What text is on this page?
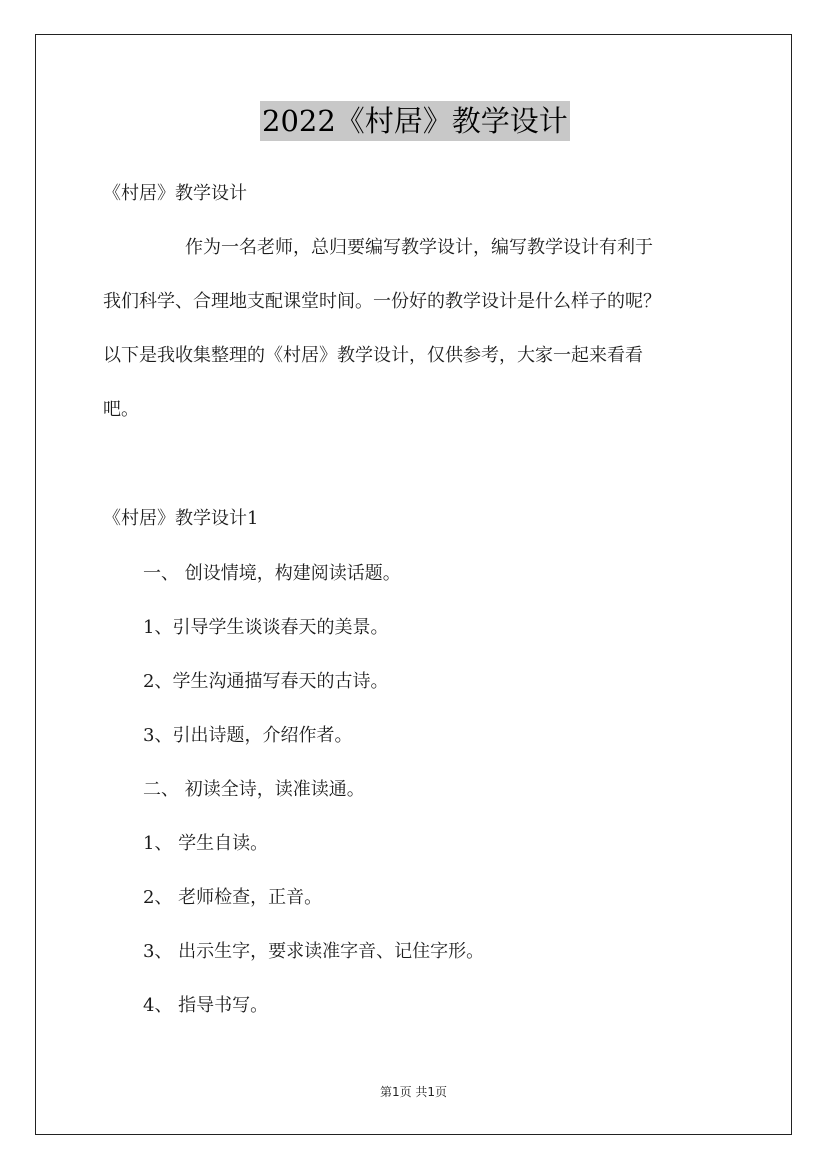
2022《村居》教学设计
《村居》教学设计
作为一名老师，总归要编写教学设计，编写教学设计有利于
我们科学、合理地支配课堂时间。一份好的教学设计是什么样子的呢？
以下是我收集整理的《村居》教学设计，仅供参考，大家一起来看看
吧。
《村居》教学设计1
一、 创设情境，构建阅读话题。
1、引导学生谈谈春天的美景。
2、学生沟通描写春天的古诗。
3、引出诗题，介绍作者。
二、 初读全诗，读准读通。
1、 学生自读。
2、 老师检查，正音。
3、 出示生字，要求读准字音、记住字形。
4、 指导书写。
第1页 共1页
